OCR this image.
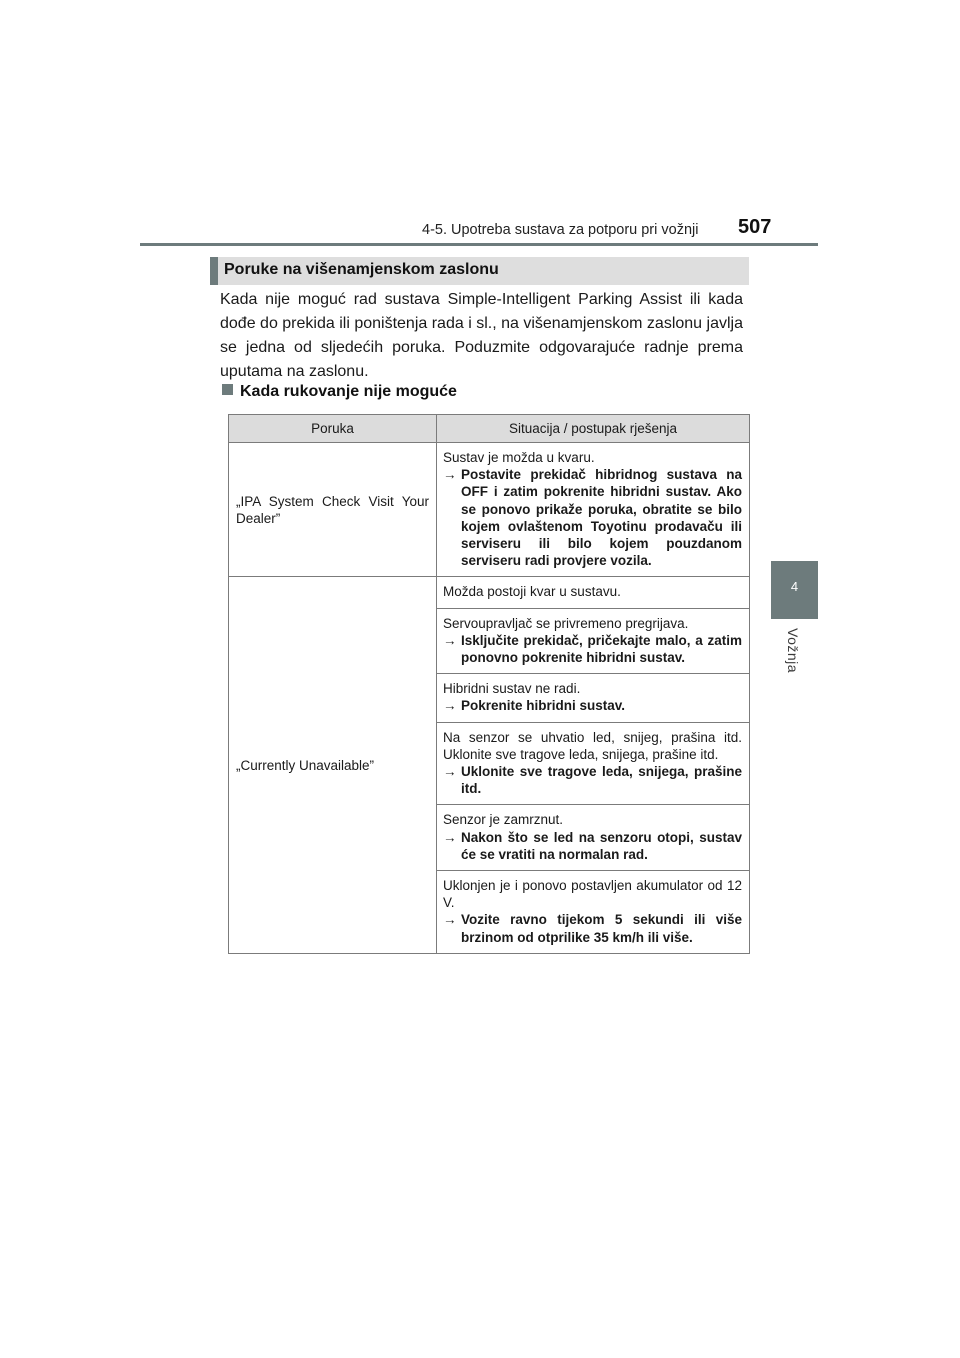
4-5. Upotreba sustava za potporu pri vožnji 507
4
Vožnja
Poruke na višenamjenskom zaslonu

Kada nije moguć rad sustava Simple-Intelligent Parking Assist ili kada dođe do prekida ili poništenja rada i sl., na višenamjenskom zaslonu javlja se jedna od sljedećih poruka. Poduzmite odgovarajuće radnje prema uputama na zaslonu.

Kada rukovanje nije moguće
Poruka	Situacija / postupak rješenja
„IPA System Check Visit Your Dealer”	Sustav je možda u kvaru.
→ Postavite prekidač hibridnog sustava na OFF i zatim pokrenite hibridni sustav. Ako se ponovo prikaže poruka, obratite se bilo kojem ovlaštenom Toyotinu prodavaču ili serviseru ili bilo kojem pouzdanom serviseru radi provjere vozila.

„Currently Unavailable”	Možda postoji kvar u sustavu.

	Servoupravljač se privremeno pregrijava.
→ Isključite prekidač, pričekajte malo, a zatim ponovno pokrenite hibridni sustav.

	Hibridni sustav ne radi.
→ Pokrenite hibridni sustav.

	Na senzor se uhvatio led, snijeg, prašina itd. Uklonite sve tragove leda, snijega, prašine itd.
→ Uklonite sve tragove leda, snijega, prašine itd.

	Senzor je zamrznut.
→ Nakon što se led na senzoru otopi, sustav će se vratiti na normalan rad.

	Uklonjen je i ponovo postavljen akumulator od 12 V.
→ Vozite ravno tijekom 5 sekundi ili više brzinom od otprilike 35 km/h ili više.
